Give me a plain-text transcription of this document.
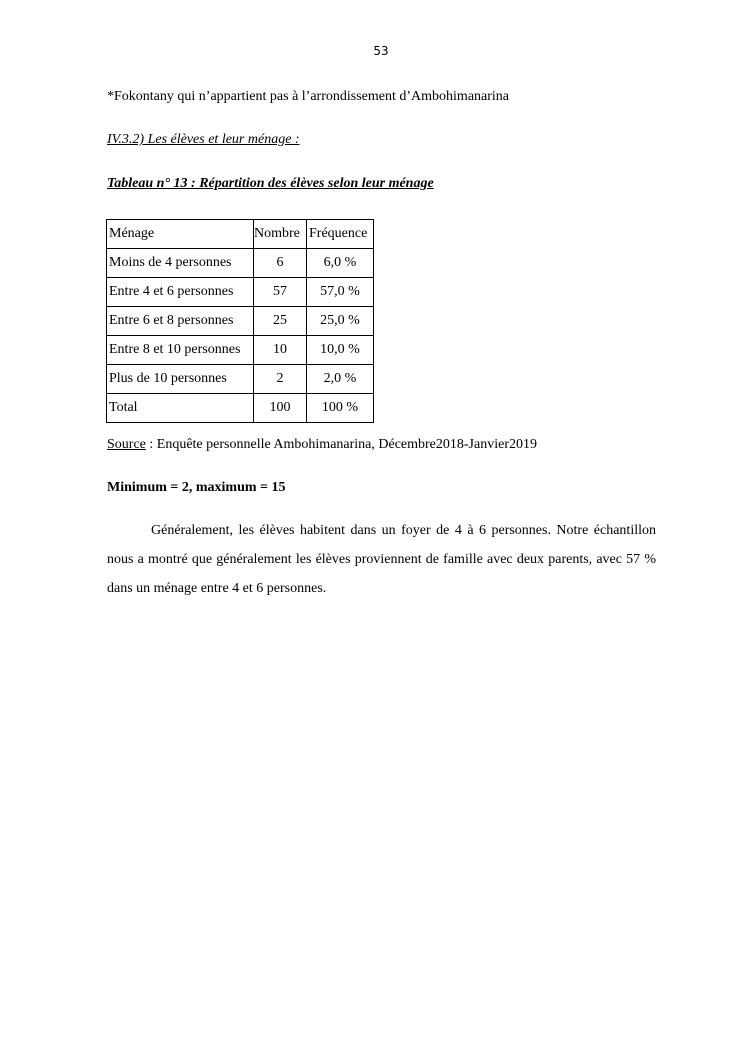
53
*Fokontany qui n’appartient pas à l’arrondissement d’Ambohimanarina
IV.3.2) Les élèves et leur ménage :
Tableau n° 13 : Répartition des élèves selon leur ménage
Ménage	Nombre	Fréquence
Moins de 4 personnes	6	6,0 %
Entre 4 et 6 personnes	57	57,0 %
Entre 6 et 8 personnes	25	25,0 %
Entre 8 et 10 personnes	10	10,0 %
Plus de 10 personnes	2	2,0 %
Total	100	100 %
Source : Enquête personnelle Ambohimanarina, Décembre2018-Janvier2019
Minimum = 2, maximum = 15

Généralement, les élèves habitent dans un foyer de 4 à 6 personnes. Notre échantillon nous a montré que généralement les élèves proviennent de famille avec deux parents, avec 57 % dans un ménage entre 4 et 6 personnes.
